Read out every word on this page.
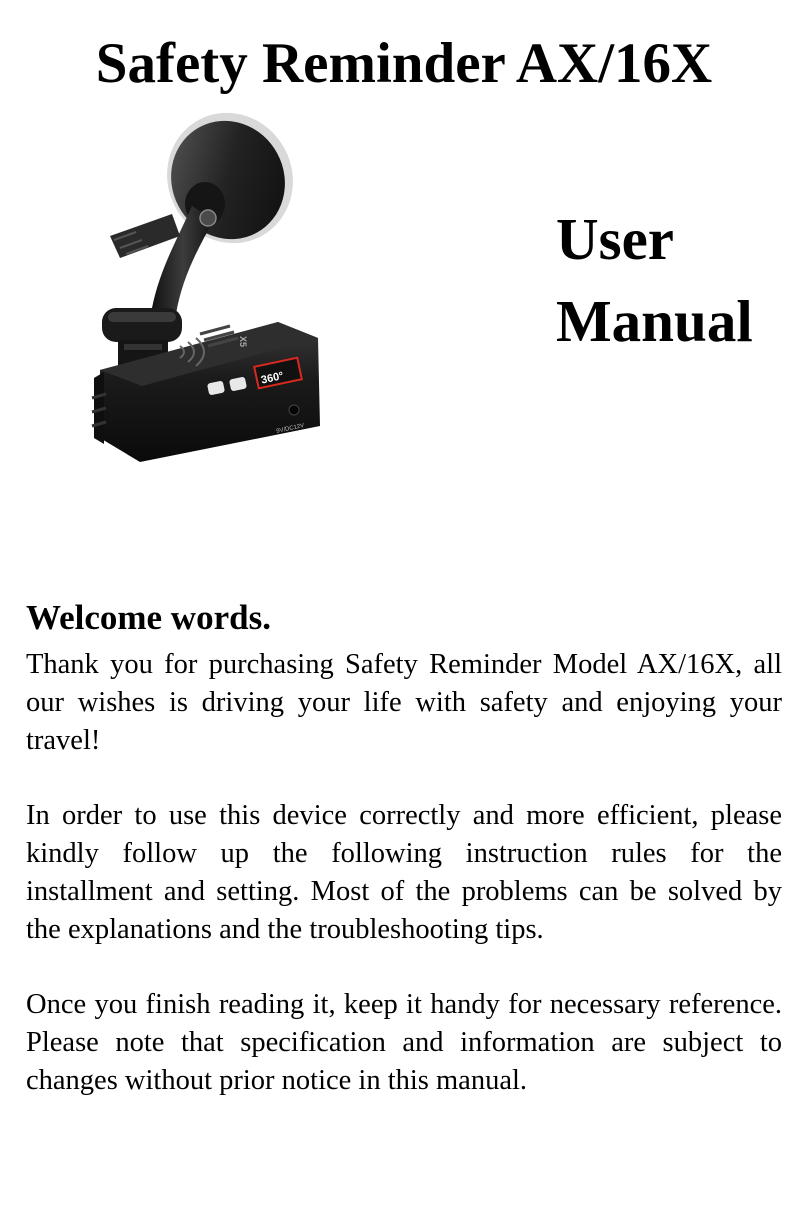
Safety Reminder AX/16X
360°
9V/DC12V
X5
User
Manual
Welcome words.

Thank you for purchasing Safety Reminder Model AX/16X, all our wishes is driving your life with safety and enjoying your travel!

In order to use this device correctly and more efficient, please kindly follow up the following instruction rules for the installment and setting. Most of the problems can be solved by the explanations and the troubleshooting tips.

Once you finish reading it, keep it handy for necessary reference. Please note that specification and information are subject to changes without prior notice in this manual.
